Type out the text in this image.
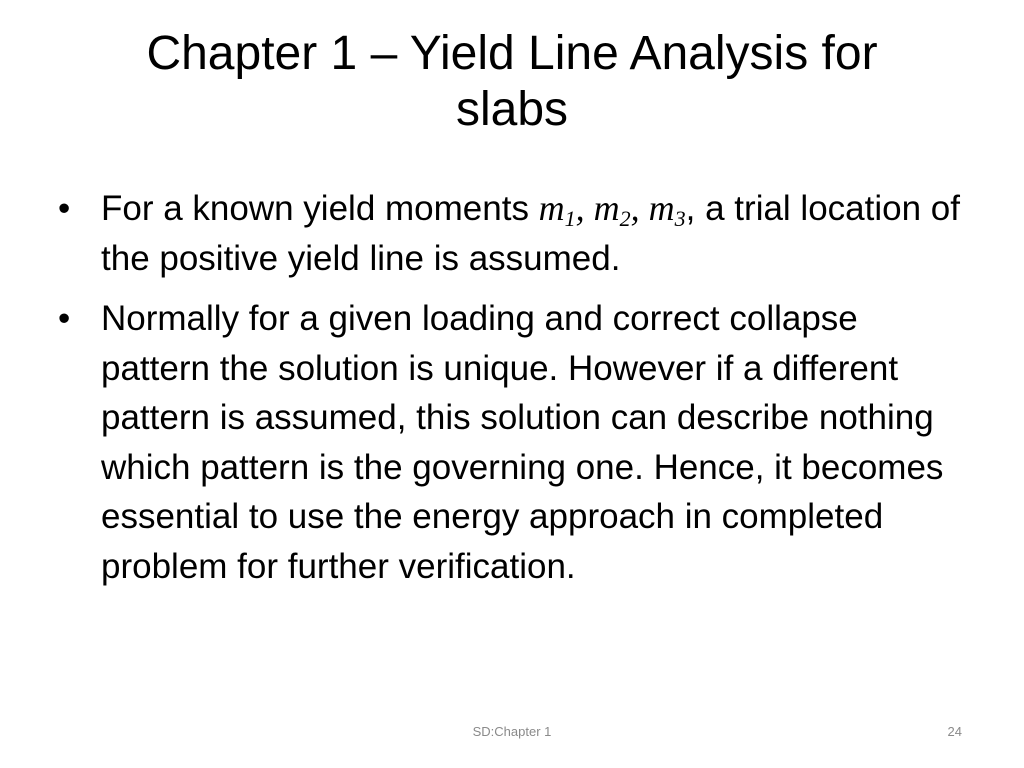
Chapter 1 – Yield Line Analysis for
slabs

• For a known yield moments $m_1$, $m_2$, $m_3$, a trial location of the positive yield line is assumed.

• Normally for a given loading and correct collapse pattern the solution is unique. However if a different pattern is assumed, this solution can describe nothing which pattern is the governing one. Hence, it becomes essential to use the energy approach in completed problem for further verification.

SD:Chapter 1	24
